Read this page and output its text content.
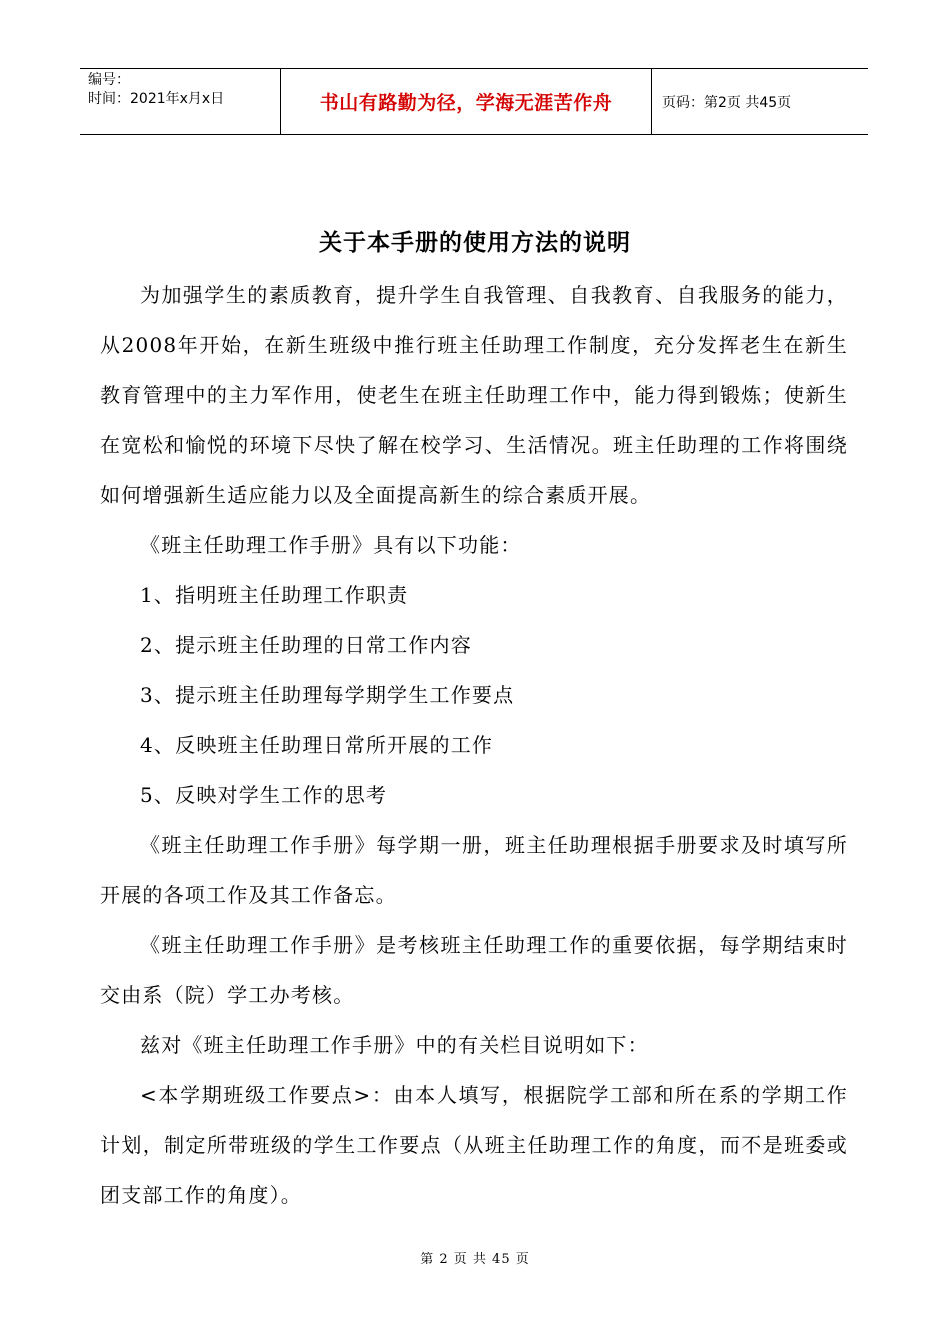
编号：
时间：2021年x月x日	书山有路勤为径，学海无涯苦作舟	页码：第2页 共45页
关于本手册的使用方法的说明

为加强学生的素质教育，提升学生自我管理、自我教育、自我服务的能力，从2008年开始，在新生班级中推行班主任助理工作制度，充分发挥老生在新生教育管理中的主力军作用，使老生在班主任助理工作中，能力得到锻炼；使新生在宽松和愉悦的环境下尽快了解在校学习、生活情况。班主任助理的工作将围绕如何增强新生适应能力以及全面提高新生的综合素质开展。

《班主任助理工作手册》具有以下功能：

1、指明班主任助理工作职责

2、提示班主任助理的日常工作内容

3、提示班主任助理每学期学生工作要点

4、反映班主任助理日常所开展的工作

5、反映对学生工作的思考

《班主任助理工作手册》每学期一册，班主任助理根据手册要求及时填写所开展的各项工作及其工作备忘。

《班主任助理工作手册》是考核班主任助理工作的重要依据，每学期结束时交由系（院）学工办考核。

兹对《班主任助理工作手册》中的有关栏目说明如下：

<本学期班级工作要点>：由本人填写，根据院学工部和所在系的学期工作计划，制定所带班级的学生工作要点（从班主任助理工作的角度，而不是班委或团支部工作的角度）。

第 2 页 共 45 页
